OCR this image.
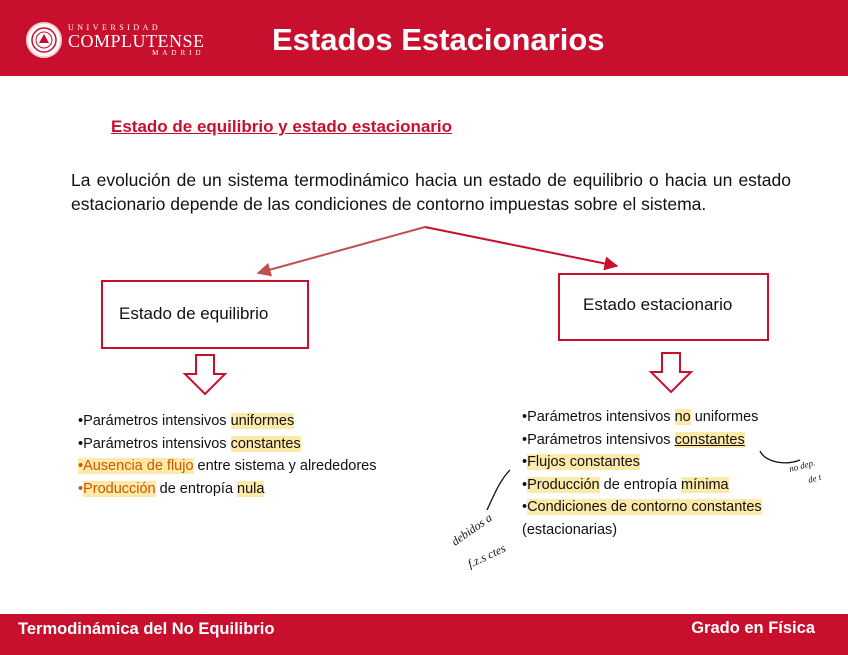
UNIVERSIDAD
COMPLUTENSE
MADRID Estados Estacionarios
Estado de equilibrio y estado estacionario
La evolución de un sistema termodinámico hacia un estado de equilibrio o hacia un estado estacionario depende de las condiciones de contorno impuestas sobre el sistema.
debidos a
f.z.s ctes
no dep.
de t
Estado de equilibrio	Estado estacionario
•Parámetros intensivos uniformes
•Parámetros intensivos constantes
•Ausencia de flujo entre sistema y alrededores
•Producción de entropía nula
•Parámetros intensivos no uniformes
•Parámetros intensivos constantes
•Flujos constantes
•Producción de entropía mínima
•Condiciones de contorno constantes
(estacionarias)
Termodinámica del No Equilibrio	Grado en Física
